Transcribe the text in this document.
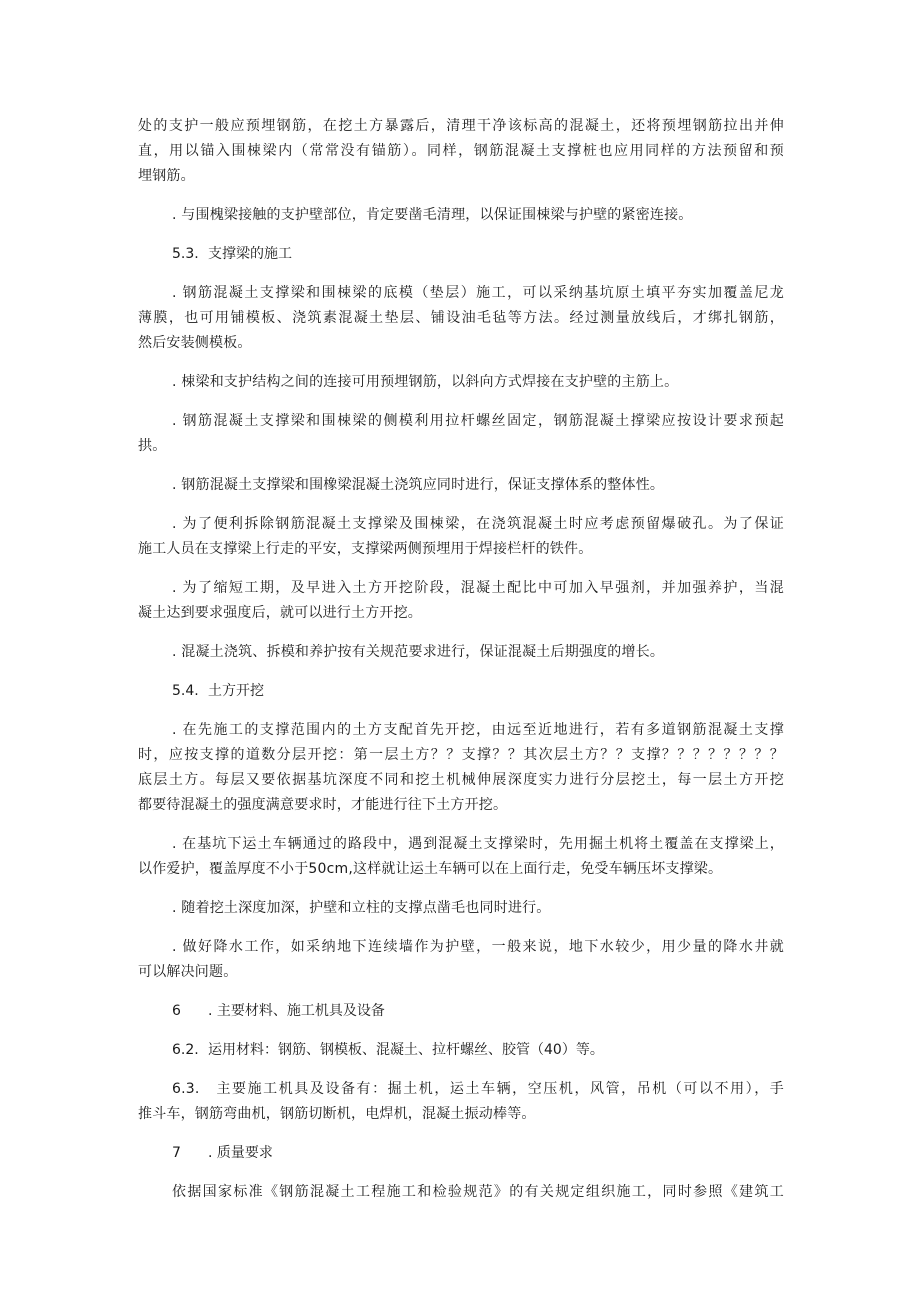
处的支护一般应预埋钢筋，在挖土方暴露后，清理干净该标高的混凝土，还将预埋钢筋拉出并伸
直，用以锚入围梀梁内（常常没有锚筋）。同样，钢筋混凝土支撑桩也应用同样的方法预留和预
埋钢筋。
. 与围槐梁接触的支护壁部位，肯定要凿毛清理，以保证围梀梁与护壁的紧密连接。
5.3. 支撑梁的施工
. 钢筋混凝土支撑梁和围梀梁的底模（垫层）施工，可以采纳基坑原土填平夯实加覆盖尼龙
薄膜，也可用铺模板、浇筑素混凝土垫层、铺设油毛毡等方法。经过测量放线后，才绑扎钢筋，
然后安装侧模板。
. 梀梁和支护结构之间的连接可用预埋钢筋，以斜向方式焊接在支护壁的主筋上。
. 钢筋混凝土支撑梁和围梀梁的侧模利用拉杆螺丝固定，钢筋混凝土撑梁应按设计要求预起
拱。
. 钢筋混凝土支撑梁和围橡梁混凝土浇筑应同时进行，保证支撑体系的整体性。
. 为了便利拆除钢筋混凝土支撑梁及围梀梁，在浇筑混凝土时应考虑预留爆破孔。为了保证
施工人员在支撑梁上行走的平安，支撑梁两侧预埋用于焊接栏杆的铁件。
. 为了缩短工期，及早进入土方开挖阶段，混凝土配比中可加入早强剂，并加强养护，当混
凝土达到要求强度后，就可以进行土方开挖。
. 混凝土浇筑、拆模和养护按有关规范要求进行，保证混凝土后期强度的增长。
5.4. 土方开挖
. 在先施工的支撑范围内的土方支配首先开挖，由远至近地进行，若有多道钢筋混凝土支撑
时，应按支撑的道数分层开挖：第一层土方？？支撑？？其次层土方？？支撑？？？？？？？？
底层土方。每层又要依据基坑深度不同和挖土机械伸展深度实力进行分层挖土，每一层土方开挖
都要待混凝土的强度满意要求时，才能进行往下土方开挖。
. 在基坑下运土车辆通过的路段中，遇到混凝土支撑梁时，先用掘土机将土覆盖在支撑梁上，
以作爱护，覆盖厚度不小于50cm,这样就让运土车辆可以在上面行走，免受车辆压坏支撑梁。
. 随着挖土深度加深，护壁和立柱的支撑点凿毛也同时进行。
. 做好降水工作，如采纳地下连续墙作为护壁，一般来说，地下水较少，用少量的降水井就
可以解决问题。
6 . 主要材料、施工机具及设备
6.2. 运用材料：钢筋、钢模板、混凝土、拉杆螺丝、胶管（40）等。
6.3.　主要施工机具及设备有：掘土机，运土车辆，空压机，风管，吊机（可以不用），手
推斗车，钢筋弯曲机，钢筋切断机，电焊机，混凝土振动棒等。
7 . 质量要求
依据国家标准《钢筋混凝土工程施工和检验规范》的有关规定组织施工，同时参照《建筑工
